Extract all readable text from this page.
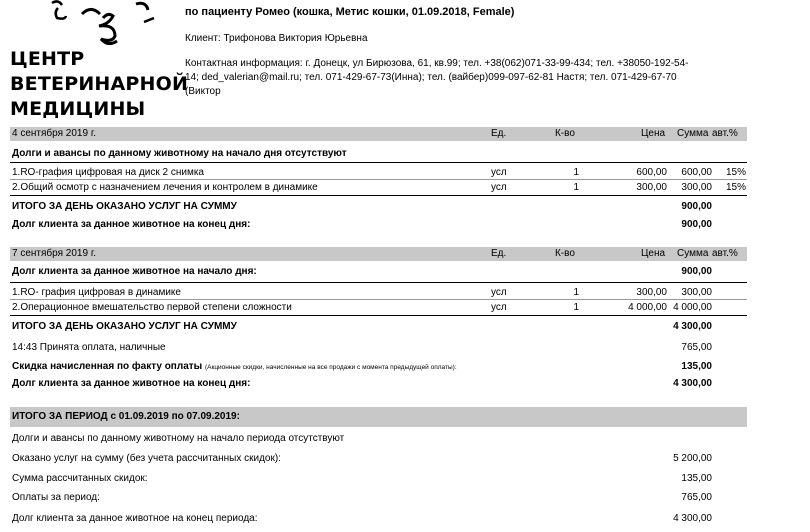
ЦЕНТР
ВЕТЕРИНАРНОЙ
МЕДИЦИНЫ
по пациенту Ромео (кошка, Метис кошки, 01.09.2018, Female)
Клиент: Трифонова Виктория Юрьевна
Контактная информация: г. Донецк, ул Бирюзова, 61, кв.99; тел. +38(062)071-33-99-434; тел. +38050-192-54-
14; ded_valerian@mail.ru; тел. 071-429-67-73(Инна); тел. (вайбер)099-097-62-81 Настя; тел. 071-429-67-70
(Виктор
4 сентября 2019 г.	Ед.	К-во	Цена Сумма авт.%
Долги и авансы по данному животному на начало дня отсутствуют
1.RO-графия цифровая на диск 2 снимка	усл	1	600,00	600,00 15%
2.Общий осмотр с назначением лечения и контролем в динамике	усл	1	300,00	300,00 15%
ИТОГО ЗА ДЕНЬ ОКАЗАНО УСЛУГ НА СУММУ	900,00
Долг клиента за данное животное на конец дня:	900,00
7 сентября 2019 г.	Ед.	К-во	Цена Сумма авт.%
Долг клиента за данное животное на начало дня:	900,00
1.RO- графия цифровая в динамике	усл	1	300,00	300,00
2.Операционное вмешательство первой степени сложности	усл	1	4 000,00 4 000,00
ИТОГО ЗА ДЕНЬ ОКАЗАНО УСЛУГ НА СУММУ	4 300,00
14:43 Принята оплата, наличные	765,00
Скидка начисленная по факту оплаты (Акционные скидки, начисленные на все продажи с момента предыдущей оплаты):	135,00
Долг клиента за данное животное на конец дня:	4 300,00
ИТОГО ЗА ПЕРИОД с 01.09.2019 по 07.09.2019:
Долги и авансы по данному животному на начало периода отсутствуют
Оказано услуг на сумму (без учета рассчитанных скидок):	5 200,00
Сумма рассчитанных скидок:	135,00
Оплаты за период:	765,00
Долг клиента за данное животное на конец периода:	4 300,00
